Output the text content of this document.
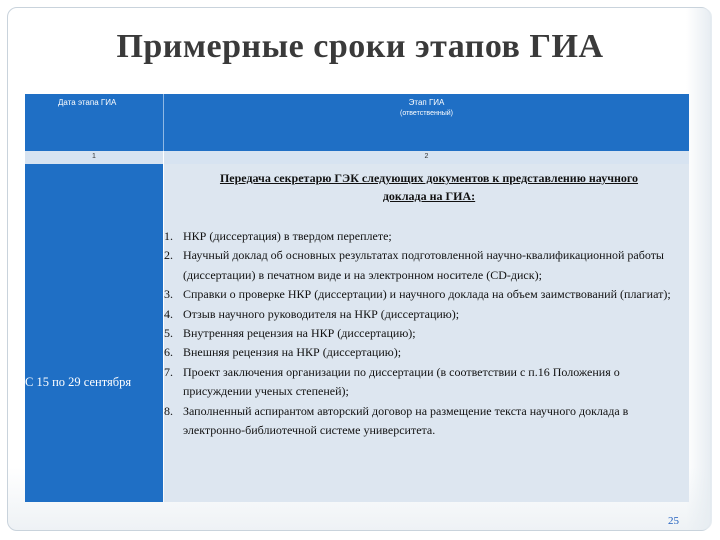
Примерные сроки этапов ГИА
Дата этапа ГИА	Этап ГИА
(ответственный)
1	2
С 15 по 29 сентября
Передача секретарю ГЭК следующих документов к представлению научного
доклада на ГИА:
1. НКР (диссертация) в твердом переплете;
2. Научный доклад об основных результатах подготовленной научно-квалификационной работы (диссертации) в печатном виде и на электронном носителе (CD-диск);
3. Справки о проверке НКР (диссертации) и научного доклада на объем заимствований (плагиат);
4. Отзыв научного руководителя на НКР (диссертацию);
5. Внутренняя рецензия на НКР (диссертацию);
6. Внешняя рецензия на НКР (диссертацию);
7. Проект заключения организации по диссертации (в соответствии с п.16 Положения о присуждении ученых степеней);
8. Заполненный аспирантом авторский договор на размещение текста научного доклада в электронно-библиотечной системе университета.
25
